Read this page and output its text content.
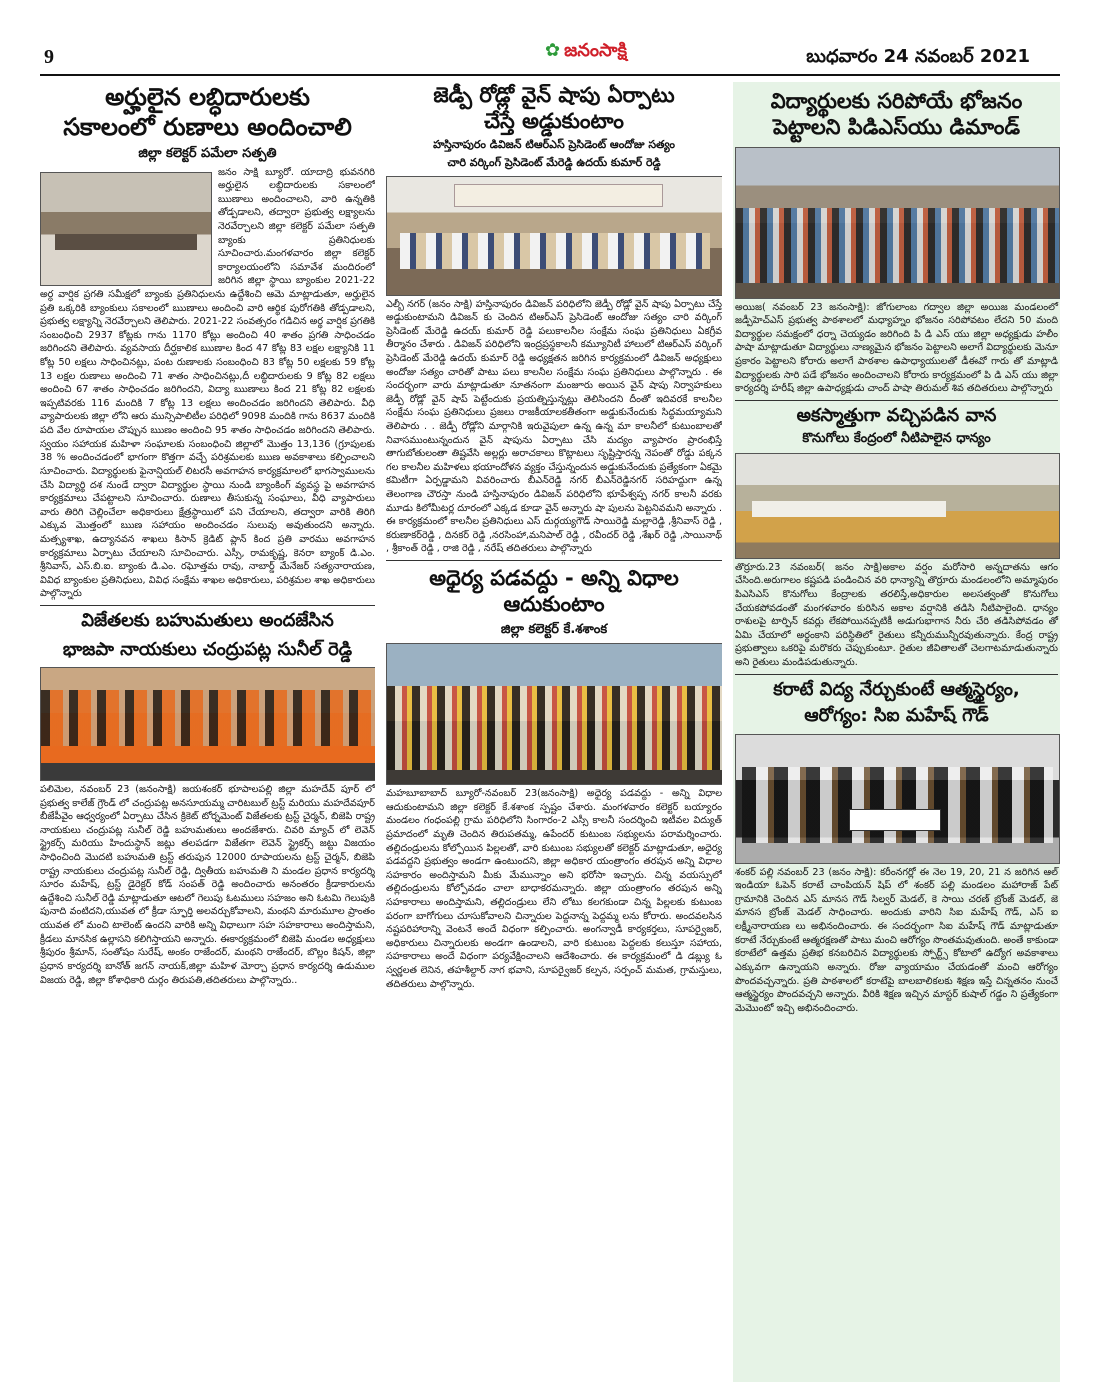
9	✿ జనంసాక్షి	బుధవారం 24 నవంబర్ 2021

అర్హులైన లబ్ధిదారులకు

సకాలంలో రుణాలు అందించాలి

జిల్లా కలెక్టర్ పమేలా సత్పతి

జనం సాక్షి బ్యూరో. యాదాద్రి భువనగిరి అర్హులైన లబ్ధిదారులకు సకాలంలో ఋణాలు అందించాలని, వారి ఉన్నతికి తోడ్పడాలని, తద్వారా ప్రభుత్వ లక్ష్యాలను నెరవేర్చాలని జిల్లా కలెక్టర్ పమేలా సత్పతి బ్యాంకు ప్రతినిధులకు సూచించారు.మంగళవారం జిల్లా కలెక్టర్ కార్యాలయంలోని సమావేశ మందిరంలో జరిగిన జిల్లా స్థాయి బ్యాంకుల 2021-22 అర్ధ వార్షిక ప్రగతి సమీక్షలో బ్యాంకు ప్రతినిధులను ఉద్దేశించి ఆమె మాట్లాడుతూ, అర్హులైన ప్రతి ఒక్కరికి బ్యాంకులు సకాలంలో ఋణాలు అందించి వారి ఆర్థిక పురోగతికి తోడ్పడాలని, ప్రభుత్వ లక్ష్యాన్ని నెరవేర్చాలని తెలిపారు. 2021-22 సంవత్సరం గడిచిన అర్థ వార్షిక ప్రగతికి సంబంధించి 2937 కోట్లకు గాను 1170 కోట్లు అందించి 40 శాతం ప్రగతి సాధించడం జరిగిందని తెలిపారు. వ్యవసాయ దీర్ఘకాలిక ఋణాల కింద 47 కోట్ల 83 లక్షల లక్ష్యానికి 11 కోట్ల 50 లక్షలు సాధించినట్లు, పంట రుణాలకు సంబంధించి 83 కోట్ల 50 లక్షలకు 59 కోట్ల 13 లక్షల రుణాలు అందించి 71 శాతం సాధించినట్లు,దీ లబ్ధిదారులకు 9 కోట్ల 82 లక్షలు అందించి 67 శాతం సాధించడం జరిగిందని, విద్యా ఋణాలు కింద 21 కోట్ల 82 లక్షలకు ఇప్పటివరకు 116 మందికి 7 కోట్ల 13 లక్షలు అందించడం జరిగిందని తెలిపారు. వీధి వ్యాపారులకు జిల్లా లోని ఆరు మున్సిపాలిటీల పరిధిలో 9098 మందికి గాను 8637 మందికి పది వేల రూపాయల చొప్పున ఋణం అందించి 95 శాతం సాధించడం జరిగిందని తెలిపారు. స్వయం సహాయక మహిళా సంఘాలకు సంబంధించి జిల్లాలో మొత్తం 13,136 (గ్రూపులకు 38 % అందించడంలో భాగంగా కొత్తగా వచ్చే పరిశ్రమలకు ఋణ అవకాశాలు కల్పించాలని సూచించారు. విద్యార్థులకు ఫైనాన్షియల్ లిటరసీ అవగాహన కార్యక్రమాలలో భాగస్వాములను చేసి విద్యార్థి దశ నుండే ద్వారా విద్యార్థుల స్థాయి నుండి బ్యాంకింగ్ వ్యవస్థ పై అవగాహన కార్యక్రమాలు చేపట్టాలని సూచించారు. రుణాలు తీసుకున్న సంఘాలు, వీధి వ్యాపారులు వారు తిరిగి చెల్లించేలా అధికారులు క్షేత్రస్థాయిలో పని చేయాలని, తద్వారా వారికి తిరిగి ఎక్కువ మొత్తంలో ఋణ సహాయం అందించడం సులువు అవుతుందని అన్నారు. మత్స్యశాఖ, ఉద్యానవన శాఖలు కిసాన్ క్రెడిట్ ప్లాన్ కింద ప్రతి వారము అవగాహన కార్యక్రమాలు ఏర్పాటు చేయాలని సూచించారు. ఎస్సీ, రామకృష్ణ, కెనరా బ్యాంక్ డి.ఎం. శ్రీనివాస్, ఎస్.బి.ఐ. బ్యాంకు డి.ఎం. రఘోత్తమ రావు, నాబార్డ్ మేనేజర్ సత్యనారాయణ, వివిధ బ్యాంకుల ప్రతినిధులు, వివిధ సంక్షేమ శాఖల అధికారులు, పరిశ్రమల శాఖ అధికారులు పాల్గొన్నారు

విజేతలకు బహుమతులు అందజేసిన

భాజపా నాయకులు చంద్రుపట్ల సునీల్ రెడ్డి

పలిమెల, నవంబర్ 23 (జనంసాక్షి) జయశంకర్ భూపాలపల్లి జిల్లా మహదేవ్ పూర్ లో ప్రభుత్వ కాలేజ్ గ్రౌండ్ లో చంద్రుపట్ల అనసూయమ్మ చారిటబుల్ ట్రస్ట్ మరియు మహదేవపూర్ బీజేపీవైం ఆధ్వర్యంలో ఏర్పాటు చేసిన క్రికెట్ టోర్నమెంట్ విజేతలకు ట్రస్ట్ చైర్మన్, బిజెపి రాష్ట్ర నాయకులు చంద్రుపట్ల సునీల్ రెడ్డి బహుమతులు అందజేశారు. చివరి మ్యాచ్ లో లెవెన్ స్ట్రైకర్స్ మరియు హిందుస్థాన్ జట్లు తలపడగా విజేతగా లెవెన్ స్ట్రైకర్స్ జట్టు విజయం సాధించింది మొదటి బహుమతి ట్రస్ట్ తరుపున 12000 రూపాయలను ట్రస్ట్ చైర్మన్, బిజెపి రాష్ట్ర నాయకులు చంద్రుపట్ల సునీల్ రెడ్డి, ద్వితీయ బహుమతి ని మండల ప్రధాన కార్యదర్శి సూరం మహేష్, ట్రస్ట్ డైరెక్టర్ కోడ్ సంపత్ రెడ్డి అందించారు అనంతరం క్రీడాకారులను ఉద్దేశించి సునీల్ రెడ్డి మాట్లాడుతూ ఆటలో గెలుపు ఓటములు సహజం అని ఓటమి గెలుపుకి పునాది వంటిదని,యువత లో క్రీడా స్ఫూర్తి అలవర్చుకోవాలని, మంథని మారుమూల ప్రాంతం యువత లో మంచి టాలెంట్ ఉందని వారికి అన్ని విధాలుగా సహ సహకారాలు అందిస్తామని, క్రీడలు మానసిక ఉల్లాసని కలిగిస్తాయని అన్నారు. ఈకార్యక్రమంలో బిజెపి మండల అధ్యక్షులు శ్రీపురం శ్రీమాన్, సంతోషం సురేష్, అంకం రాజేందర్, మంథని రాజేందర్, బొల్లం కిషన్, జిల్లా ప్రధాన కార్యదర్శి బానోత్ జగన్ నాయక్,జిల్లా మహిళ మోర్చా ప్రధాన కార్యదర్శి ఉడుముల విజయ రెడ్డి, జిల్లా కోశాధికారి దుర్గం తిరుపతి,తదితరులు పాల్గొన్నారు..

జెడ్పీ రోడ్లో వైన్ షాపు ఏర్పాటు

చేస్తే అడ్డుకుంటాం

హస్తినాపురం డివిజన్ టిఆర్ఎస్ ప్రెసిడెంట్ ఆందోజు సత్యం

చారి వర్కింగ్ ప్రెసిడెంట్ మేరెడ్డి ఉదయ్ కుమార్ రెడ్డి

ఎల్బీ నగర్ (జనం సాక్షి) హస్తినాపురం డివిజన్ పరిధిలోని జెడ్పీ రోడ్లో వైన్ షాపు ఏర్పాటు చేస్తే అడ్డుకుంటామని డివిజన్ కు చెందిన టిఆర్ఎస్ ప్రెసిడెంట్ ఆందోజు సత్యం చారి వర్కింగ్ ప్రెసిడెంట్ మేరెడ్డి ఉదయ్ కుమార్ రెడ్డి పలుకాలనీల సంక్షేమ సంఘ ప్రతినిధులు ఏకగ్రీవ తీర్మానం చేశారు . డివిజన్ పరిధిలోని ఇంద్రప్రస్థకాలనీ కమ్యూనిటీ హాలులో టిఆర్ఎస్ వర్కింగ్ ప్రెసిడెంట్ మేరెడ్డి ఉదయ్ కుమార్ రెడ్డి అధ్యక్షతన జరిగిన కార్యక్రమంలో డివిజన్ అధ్యక్షులు అందోజు సత్యం చారితో పాటు పలు కాలనీల సంక్షేమ సంఘ ప్రతినిధులు పాల్గొన్నారు . ఈ సందర్భంగా వారు మాట్లాడుతూ నూతనంగా మంజూరు అయిన వైన్ షాపు నిర్వాహకులు జెడ్పీ రోడ్లో వైన్ షాప్ పెట్టేందుకు ప్రయత్నిస్తున్నట్లు తెలిసిందని దీంతో ఇదివరకే కాలనీల సంక్షేమ సంఘ ప్రతినిధులు ప్రజలు రాజకీయాలకతీతంగా అడ్డుకునేందుకు సిద్ధమయ్యామని తెలిపారు . . జెడ్పీ రోడ్లోని మార్గానికి ఇరువైపులా ఉన్న ఉన్న మా కాలనీలో కుటుంబాలతో నివాసముంటున్నందున వైన్ షాపును ఏర్పాటు చేసి మద్యం వ్యాపారం ప్రారంభిస్తే తాగుబోతులంతా తిష్టవేసి అల్లర్లు అరాచకాలు కొట్లాటలు సృష్టిస్తారన్న నెపంతో రోడ్డు పక్కన గల కాలనీల మహిళలు భయాందోళన వ్యక్తం చేస్తున్నందున అడ్డుకునేందుకు ప్రత్యేకంగా ఏకమై కమిటీగా ఏర్పడ్డామని వివరించారు బీఎన్‌రెడ్డి నగర్ బీఎన్‌రెడ్డినగర్ సరిహద్దుగా ఉన్న తెలంగాణ చౌరస్తా నుండి హస్తినాపురం డివిజన్ పరిధిలోని భూపేశ్వప్ప నగర్ కాలనీ వరకు మూడు కిలోమీటర్ల దూరంలో ఎక్కడ కూడా వైన్ అన్నారు షా పులను పెట్టనివమని అన్నారు . ఈ కార్యక్రమంలో కాలనీల ప్రతినిధులు ఎస్ దుర్గయ్యగౌడ్ సాయిరెడ్డి మల్లారెడ్డి ,శ్రీనివాస్ రెడ్డి , కరుణాకర్‌రెడ్డి , దినకర్ రెడ్డి ,నరసింహా,మనిపాల్ రెడ్డి , రవీందర్ రెడ్డి ,శేఖర్ రెడ్డి ,సాయినాథ్ , శ్రీకాంత్ రెడ్డి , రాజి రెడ్డి , నరేష్ తదితరులు పాల్గొన్నారు

అధైర్య పడవద్దు - అన్ని విధాల

ఆదుకుంటాం

జిల్లా కలెక్టర్ కే.శశాంక

మహబూబాబాద్ బ్యూరో-నవంబర్ 23(జనంసాక్షి) అధైర్య పడవద్దు - అన్ని విధాల ఆదుకుంటామని జిల్లా కలెక్టర్ కే.శశాంక స్పష్టం చేశారు. మంగళవారం కలెక్టర్ బయ్యారం మండలం గంధంపల్లి గ్రామ పరిధిలోని సింగారం-2 ఎస్సీ కాలనీ సందర్శించి ఇటీవల విద్యుత్ ప్రమాదంలో మృతి చెందిన తిరుపతమ్మ, ఉపేందర్ కుటుంబ సభ్యులను పరామర్శించారు. తల్లిదండ్రులను కోల్పోయిన పిల్లలతో, వారి కుటుంబ సభ్యులతో కలెక్టర్ మాట్లాడుతూ, అధైర్య పడవద్దని ప్రభుత్వం అండగా ఉంటుందని, జిల్లా అధికార యంత్రాంగం తరపున అన్ని విధాల సహకారం అందిస్తామని మీకు మేమున్నాం అని భరోసా ఇచ్చారు. చిన్న వయస్సులో తల్లిదండ్రులను కోల్పోవడం చాలా బాధాకరమన్నారు. జిల్లా యంత్రాంగం తరపున అన్ని సహకారాలు అందిస్తామని, తల్లిదండ్రులు లేని లోటు కలగకుండా చిన్న పిల్లలకు కుటుంబ పరంగా బాగోగులు చూసుకోవాలని చిన్నారుల పెద్దనాన్న పెద్దమ్మ లను కోరారు. అందవలసిన నష్టపరిహారాన్ని వెంటనే అందే విధంగా కల్పించారు. అంగన్వాడీ కార్యకర్తలు, సూపర్వైజర్, అధికారులు చిన్నారులకు అండగా ఉండాలని, వారి కుటుంబ పెద్దలకు కలుస్తూ సహాయ, సహకారాలు అందే విధంగా పర్యవేక్షించాలని ఆదేశించారు. ఈ కార్యక్రమంలో డి డబ్ల్యు ఓ స్వర్ణలత లెనిన, తహశీల్దార్ నాగ భవాని, సూపర్వైజర్ కల్పన, సర్పంచ్ మమత, గ్రామస్తులు, తదితరులు పాల్గొన్నారు.

విద్యార్థులకు సరిపోయే భోజనం

పెట్టాలని పిడిఎస్‌యు డిమాండ్

అయిజ( నవంబర్ 23 జనంసాక్షి): జోగులాంబ గద్వాల జిల్లా అయిజ మండలంలో జడ్పీహెచ్ఎస్ ప్రభుత్వ పాఠశాలలో మధ్యాహ్నం భోజనం సరిపోవటం లేదని 50 మంది విద్యార్థుల సమక్షంలో ధర్నా చెయ్యడం జరిగింది పి డి ఎస్ యు జిల్లా అధ్యక్షుడు హలీం పాషా మాట్లాడుతూ విద్యార్థులు నాణ్యమైన భోజనం పెట్టాలని అలాగే విద్యార్థులకు మెనూ ప్రకారం పెట్టాలని కోరారు అలాగే పాఠశాల ఉపాధ్యాయులతో డీఈవో గారు తో మాట్లాడి విద్యార్థులకు సారి పడే భోజనం అందించాలని కోరారు కార్యక్రమంలో పి డి ఎస్ యు జిల్లా కార్యదర్శి హరీష్ జిల్లా ఉపాధ్యక్షుడు చాంద్ పాషా తిరుమల్ శివ తదితరులు పాల్గొన్నారు

అకస్మాత్తుగా వచ్చిపడిన వాన

కొనుగోలు కేంద్రంలో నీటిపాలైన ధాన్యం

తొర్రూరు.23 నవంబర్( జనం సాక్షి)అకాల వర్షం మరోసారి అన్నదాతను ఆగం చేసింది.అరుగాలం కష్టపడి పండించిన వరి ధాన్యాన్ని తొర్రూరు మండలంలోని అమ్మాపురం పిఎసిఎస్ కొనుగోలు కేంద్రాలకు తరలిస్తే,అధికారుల అలసత్వంతో కొనుగోలు చేయకపోవడంతో మంగళవారం కురిసిన అకాల వర్షానికి తడిసి నీటిపాలైంది. ధాన్యం రాశులపై టార్పిన్ కవర్లు లేకపోయినప్పటికీ అడుగుభాగాన నీరు చేరి తడిసిపోవడం తో ఏమి చేయాలో అర్థంకాని పరిస్థితిలో రైతులు కన్నీరుమున్నీరవుతున్నారు. కేంద్ర రాష్ట్ర ప్రభుత్వాలు ఒకరిపై మరొకరు చెప్పుకుంటూ. రైతుల జీవితాలతో చెలగాటమాడుతున్నారు అని రైతులు మండిపడుతున్నారు.

కరాటే విద్య నేర్చుకుంటే ఆత్మస్థైర్యం,

ఆరోగ్యం: సిఐ మహేష్ గౌడ్

శంకర్ పల్లి నవంబర్ 23 (జనం సాక్షి): కరీంనగర్లో ఈ నెల 19, 20, 21 న జరిగిన ఆల్ ఇండియా ఓపెన్ కరాటే చాంపియన్ షిప్ లో శంకర్ పల్లి మండలం మహారాజ్ పేట్ గ్రామానికి చెందిన ఎస్ మానస గౌడ్ సిల్వర్ మెడల్, కె సాయి చరణ్ బ్రోంజ్ మెడల్, జె మానస బ్రోంజ్ మెడల్ సాధించారు. అందుకు వారిని సిఐ మహేష్ గౌడ్, ఎస్ ఐ లక్ష్మీనారాయణ లు అభినందించారు. ఈ సందర్భంగా సిఐ మహేష్ గౌడ్ మాట్లాడుతూ కరాటే నేర్చుకుంటే ఆత్మరక్షణతో పాటు మంచి ఆరోగ్యం సొంతమవుతుంది. అంతే కాకుండా కరాటేలో ఉత్తమ ప్రతిభ కనబరిచిన విద్యార్థులకు స్పోర్ట్స్ కోటాలో ఉద్యోగ అవకాశాలు ఎక్కువగా ఉన్నాయని అన్నారు. రోజు వ్యాయామం చేయడంతో మంచి ఆరోగ్యం పొందవచ్చన్నారు. ప్రతి పాఠశాలలో కరాటేపై బాలబాలికలకు శిక్షణ ఇస్తే చిన్నతనం నుంచే ఆత్మస్థైర్యం పొందవచ్చని అన్నారు. వీరికి శిక్షణ ఇచ్చిన మాస్టర్ కుషాల్ గడ్డం ని ప్రత్యేకంగా మెమొంటో ఇచ్చి అభినందించారు.
